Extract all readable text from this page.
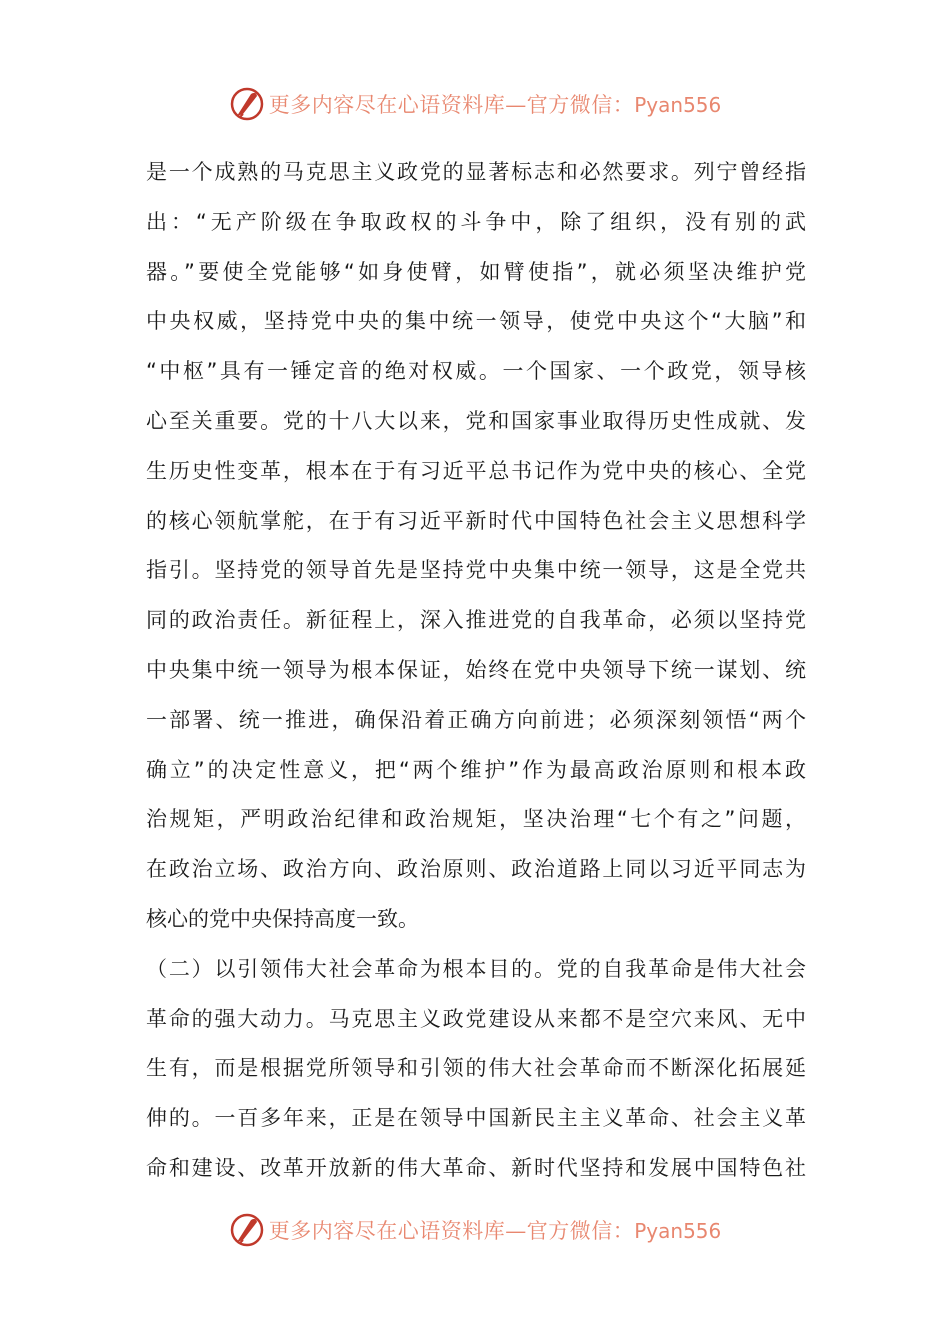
更多内容尽在心语资料库—官方微信：Pyan556
是一个成熟的马克思主义政党的显著标志和必然要求。列宁曾经指
出：“无产阶级在争取政权的斗争中，除了组织，没有别的武
器。”要使全党能够“如身使臂，如臂使指”，就必须坚决维护党
中央权威，坚持党中央的集中统一领导，使党中央这个“大脑”和
“中枢”具有一锤定音的绝对权威。一个国家、一个政党，领导核
心至关重要。党的十八大以来，党和国家事业取得历史性成就、发
生历史性变革，根本在于有习近平总书记作为党中央的核心、全党
的核心领航掌舵，在于有习近平新时代中国特色社会主义思想科学
指引。坚持党的领导首先是坚持党中央集中统一领导，这是全党共
同的政治责任。新征程上，深入推进党的自我革命，必须以坚持党
中央集中统一领导为根本保证，始终在党中央领导下统一谋划、统
一部署、统一推进，确保沿着正确方向前进；必须深刻领悟“两个
确立”的决定性意义，把“两个维护”作为最高政治原则和根本政
治规矩，严明政治纪律和政治规矩，坚决治理“七个有之”问题，
在政治立场、政治方向、政治原则、政治道路上同以习近平同志为
核心的党中央保持高度一致。
（二）以引领伟大社会革命为根本目的。党的自我革命是伟大社会
革命的强大动力。马克思主义政党建设从来都不是空穴来风、无中
生有，而是根据党所领导和引领的伟大社会革命而不断深化拓展延
伸的。一百多年来，正是在领导中国新民主主义革命、社会主义革
命和建设、改革开放新的伟大革命、新时代坚持和发展中国特色社
更多内容尽在心语资料库—官方微信：Pyan556
